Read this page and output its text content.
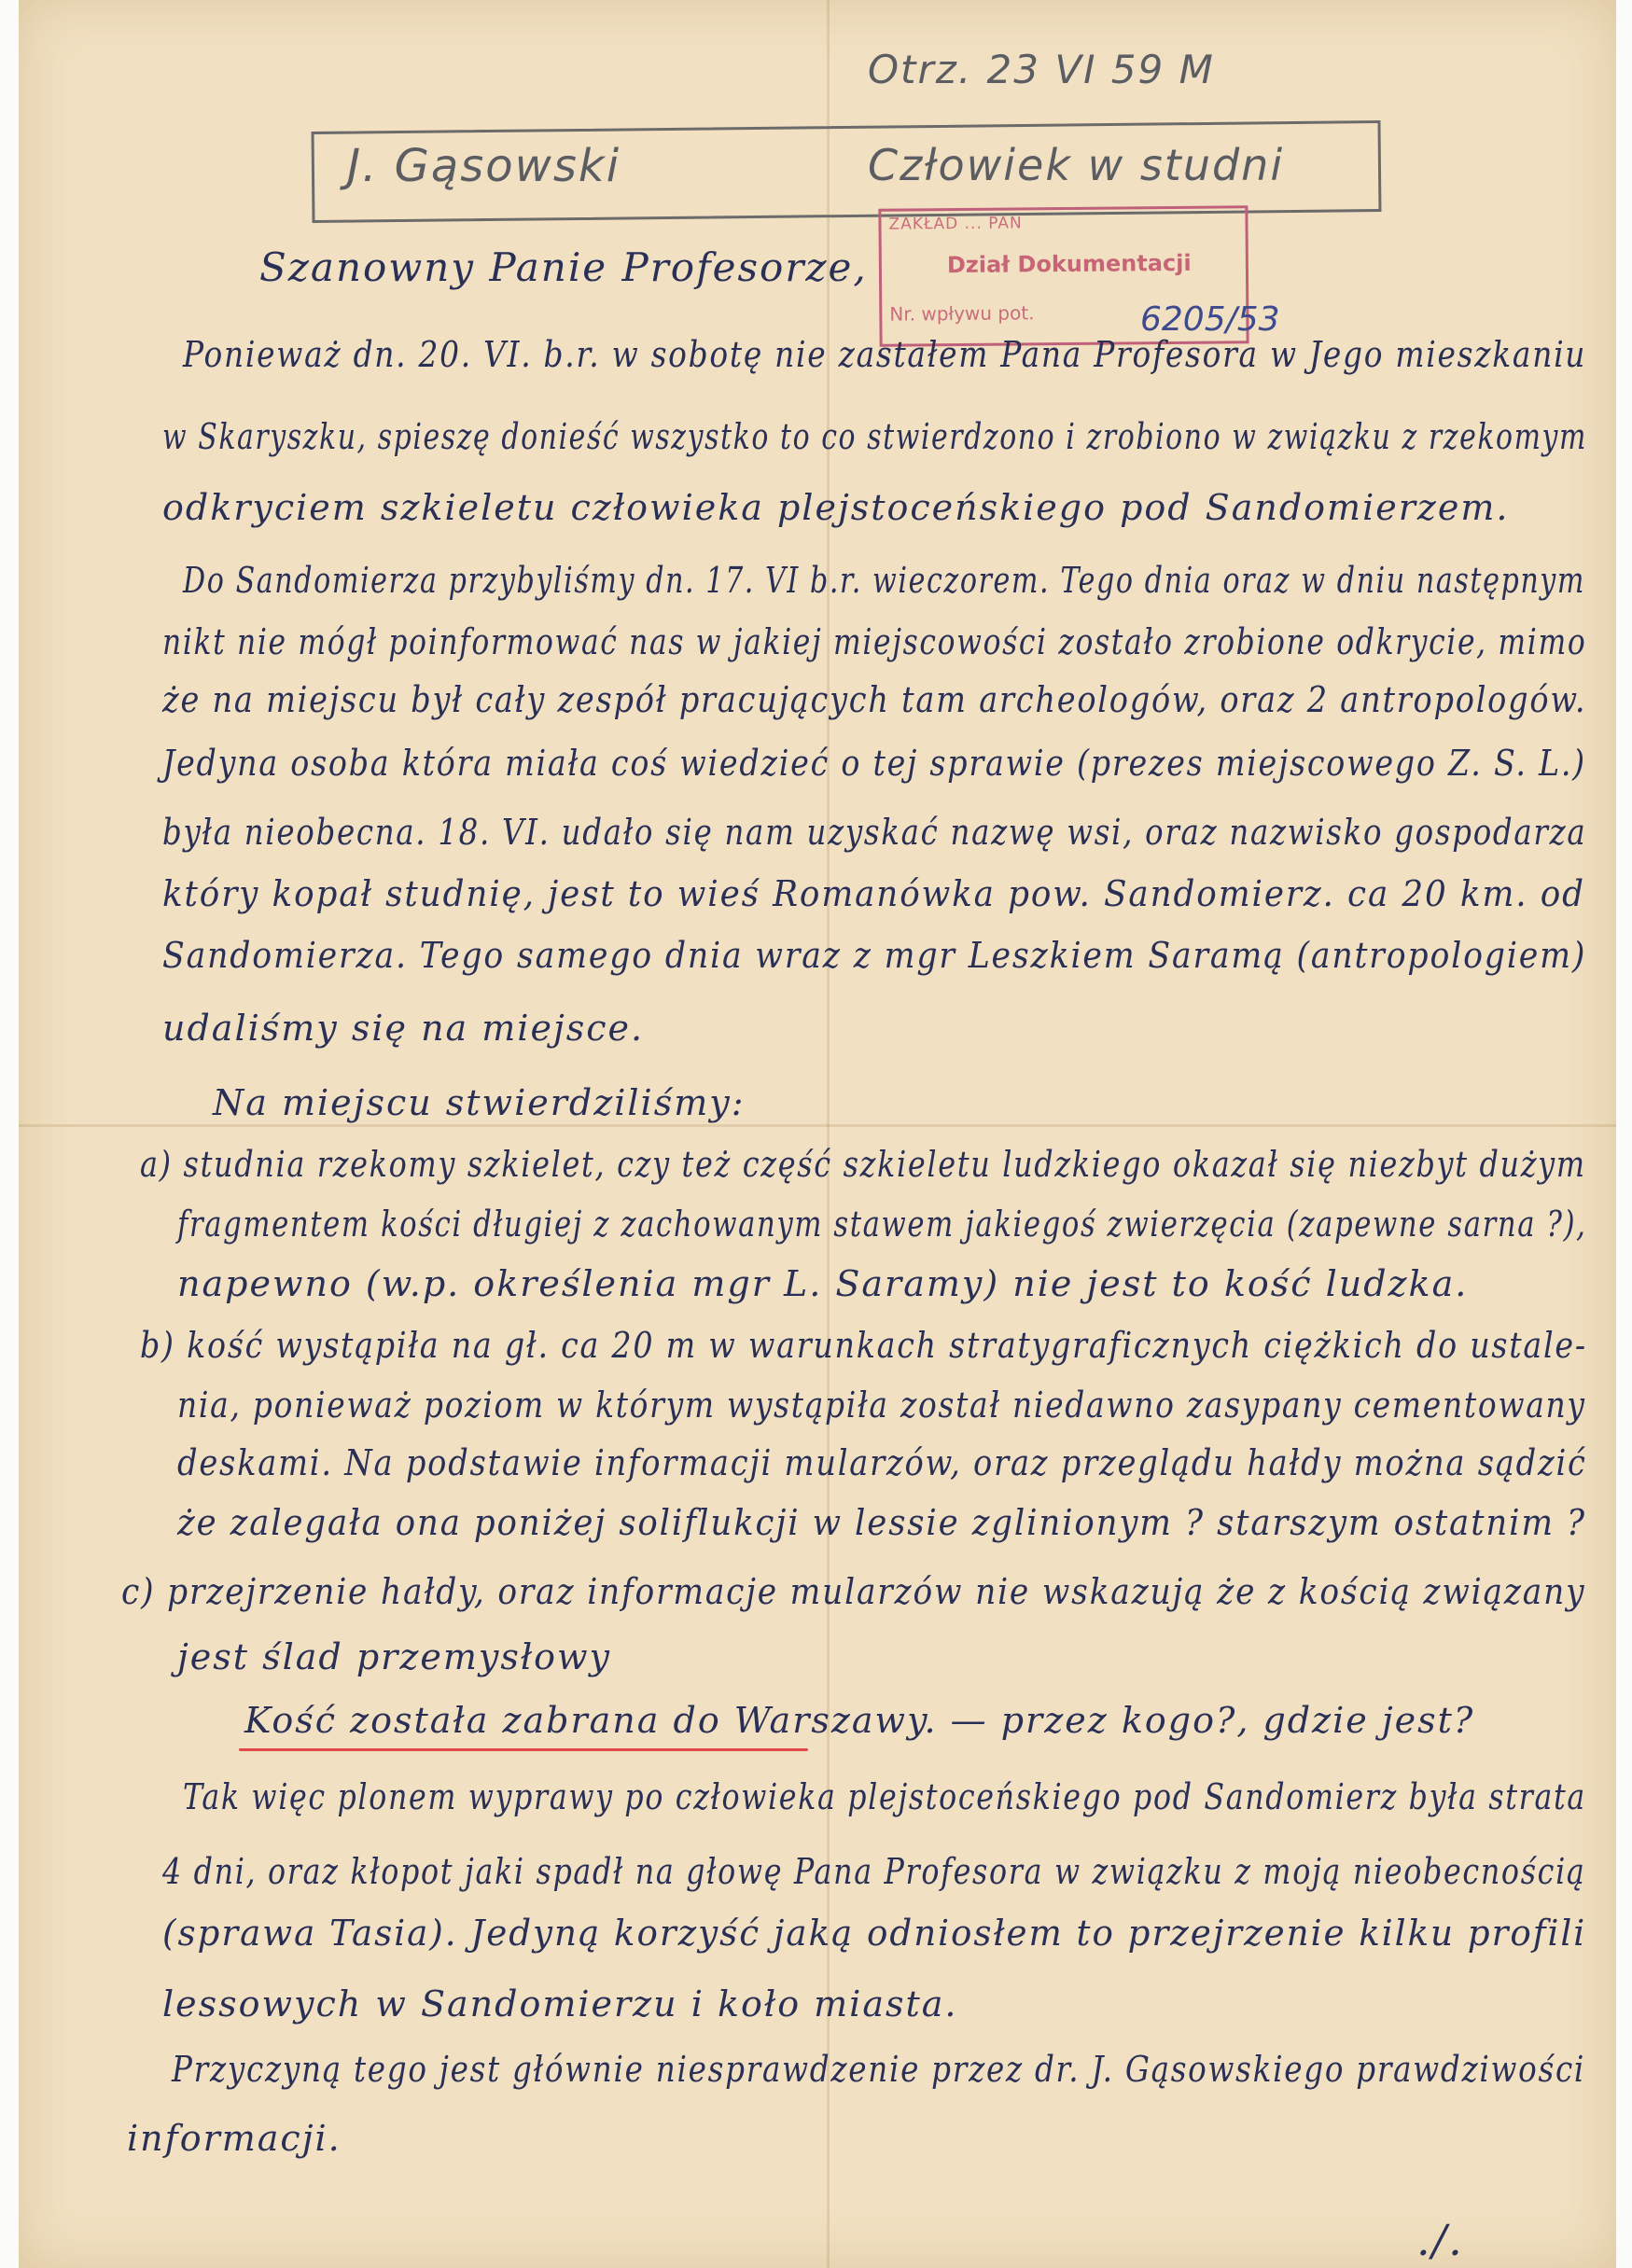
Otrz. 23 VI 59 M
J. Gąsowski	Człowiek w studni
ZAKŁAD ... PAN
Dział Dokumentacji
Nr. wpływu pot.	6205/53
Szanowny Panie Profesorze,
Ponieważ dn. 20. VI. b.r. w sobotę nie zastałem Pana Profesora w Jego mieszkaniu
w Skaryszku, spieszę donieść wszystko to co stwierdzono i zrobiono w związku z rzekomym
odkryciem szkieletu człowieka plejstoceńskiego pod Sandomierzem.
Do Sandomierza przybyliśmy dn. 17. VI b.r. wieczorem. Tego dnia oraz w dniu następnym
nikt nie mógł poinformować nas w jakiej miejscowości zostało zrobione odkrycie, mimo
że na miejscu był cały zespół pracujących tam archeologów, oraz 2 antropologów.
Jedyna osoba która miała coś wiedzieć o tej sprawie (prezes miejscowego Z. S. L.)
była nieobecna. 18. VI. udało się nam uzyskać nazwę wsi, oraz nazwisko gospodarza
który kopał studnię, jest to wieś Romanówka pow. Sandomierz. ca 20 km. od
Sandomierza. Tego samego dnia wraz z mgr Leszkiem Saramą (antropologiem)
udaliśmy się na miejsce.
Na miejscu stwierdziliśmy:
a) studnia rzekomy szkielet, czy też część szkieletu ludzkiego okazał się niezbyt dużym
fragmentem kości długiej z zachowanym stawem jakiegoś zwierzęcia (zapewne sarna ?),
napewno (w.p. określenia mgr L. Saramy) nie jest to kość ludzka.
b) kość wystąpiła na gł. ca 20 m w warunkach stratygraficznych ciężkich do ustale-
nia, ponieważ poziom w którym wystąpiła został niedawno zasypany cementowany
deskami. Na podstawie informacji mularzów, oraz przeglądu hałdy można sądzić
że zalegała ona poniżej soliflukcji w lessie zglinionym ? starszym ostatnim ?
c) przejrzenie hałdy, oraz informacje mularzów nie wskazują że z kością związany
jest ślad przemysłowy
Kość została zabrana do Warszawy. — przez kogo?, gdzie jest?
Tak więc plonem wyprawy po człowieka plejstoceńskiego pod Sandomierz była strata
4 dni, oraz kłopot jaki spadł na głowę Pana Profesora w związku z moją nieobecnością
(sprawa Tasia). Jedyną korzyść jaką odniosłem to przejrzenie kilku profili
lessowych w Sandomierzu i koło miasta.
Przyczyną tego jest głównie niesprawdzenie przez dr. J. Gąsowskiego prawdziwości
informacji.
./.
